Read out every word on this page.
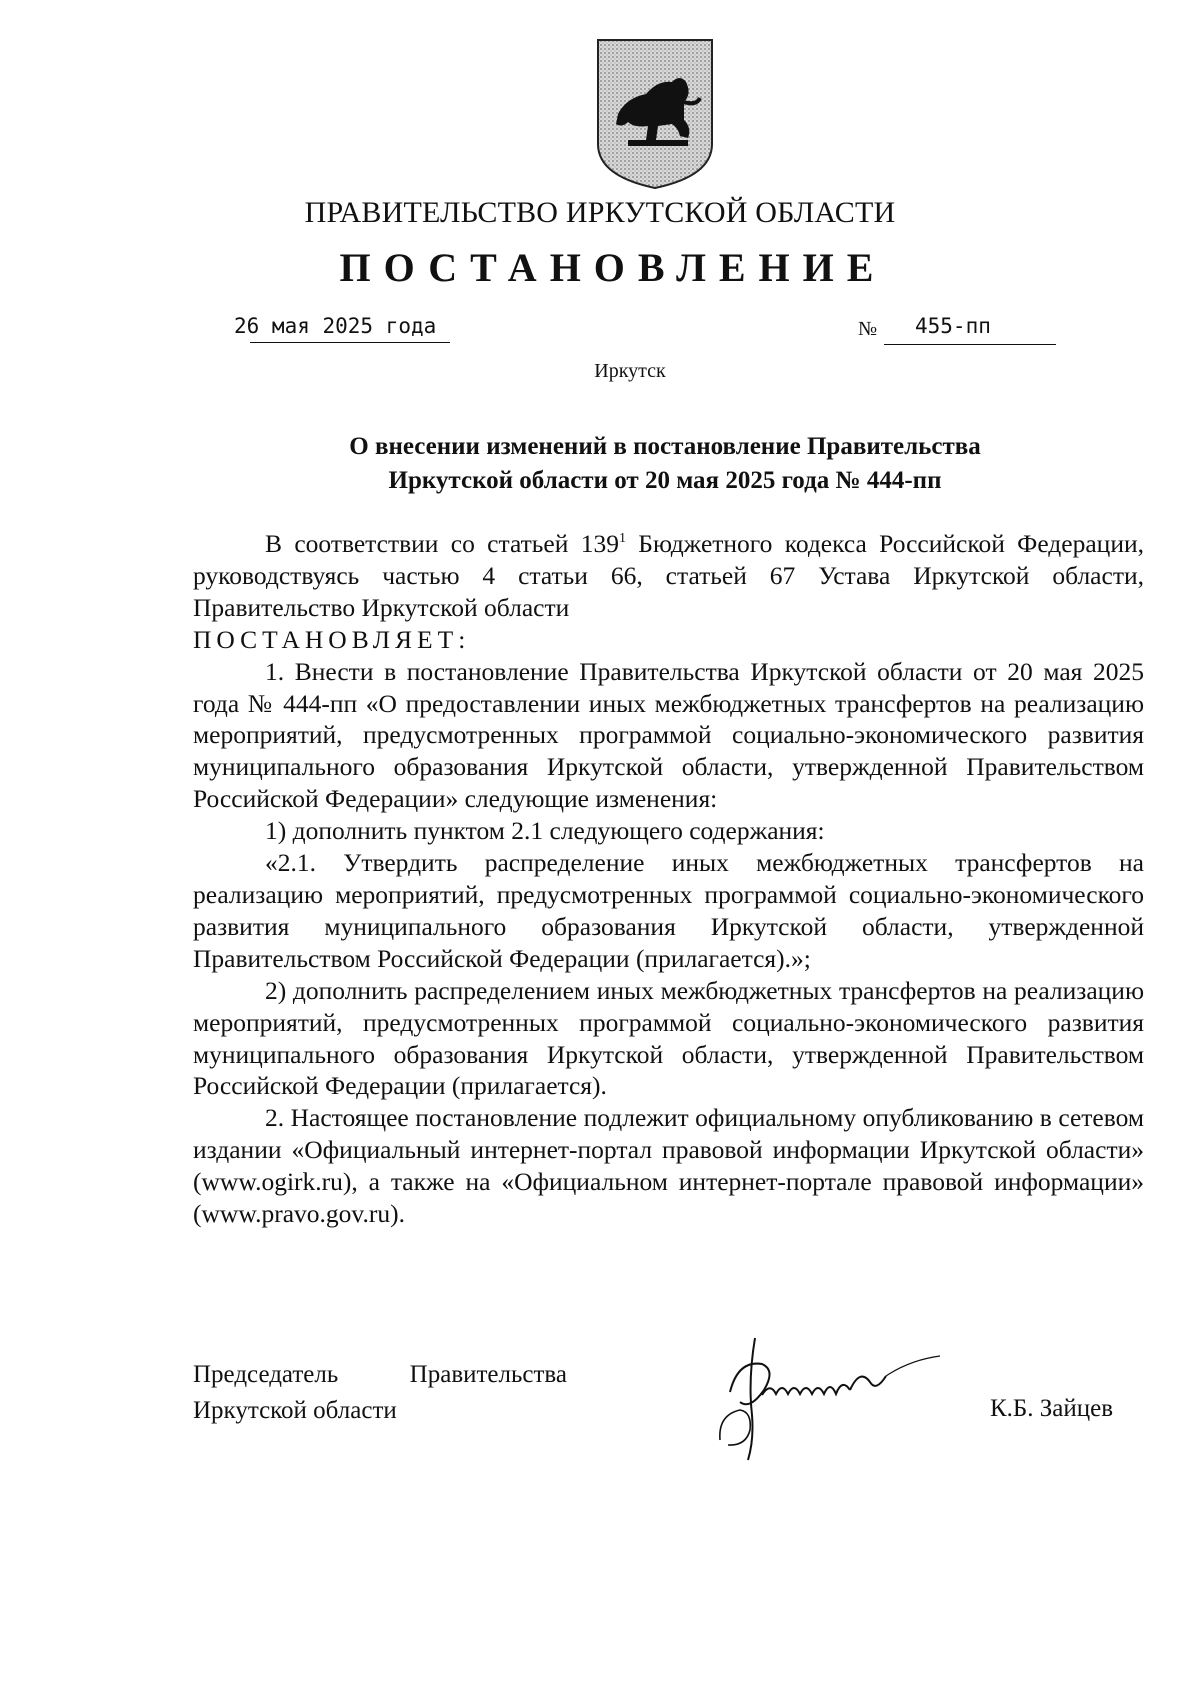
ПРАВИТЕЛЬСТВО ИРКУТСКОЙ ОБЛАСТИ
ПОСТАНОВЛЕНИЕ
26 мая 2025 года	№ 455-пп
Иркутск
О внесении изменений в постановление Правительства
Иркутской области от 20 мая 2025 года № 444-пп

В соответствии со статьей 139$^1$ Бюджетного кодекса Российской Федерации, руководствуясь частью 4 статьи 66, статьей 67 Устава Иркутской области, Правительство Иркутской области

ПОСТАНОВЛЯЕТ:

1. Внести в постановление Правительства Иркутской области от 20 мая 2025 года № 444-пп «О предоставлении иных межбюджетных трансфертов на реализацию мероприятий, предусмотренных программой социально-экономического развития муниципального образования Иркутской области, утвержденной Правительством Российской Федерации» следующие изменения:

1) дополнить пунктом 2.1 следующего содержания:

«2.1. Утвердить распределение иных межбюджетных трансфертов на реализацию мероприятий, предусмотренных программой социально-экономического развития муниципального образования Иркутской области, утвержденной Правительством Российской Федерации (прилагается).»;

2) дополнить распределением иных межбюджетных трансфертов на реализацию мероприятий, предусмотренных программой социально-экономического развития муниципального образования Иркутской области, утвержденной Правительством Российской Федерации (прилагается).

2. Настоящее постановление подлежит официальному опубликованию в сетевом издании «Официальный интернет-портал правовой информации Иркутской области» (www.ogirk.ru), а также на «Официальном интернет-портале правовой информации» (www.pravo.gov.ru).

Председатель	Правительства
Иркутской области	К.Б. Зайцев
